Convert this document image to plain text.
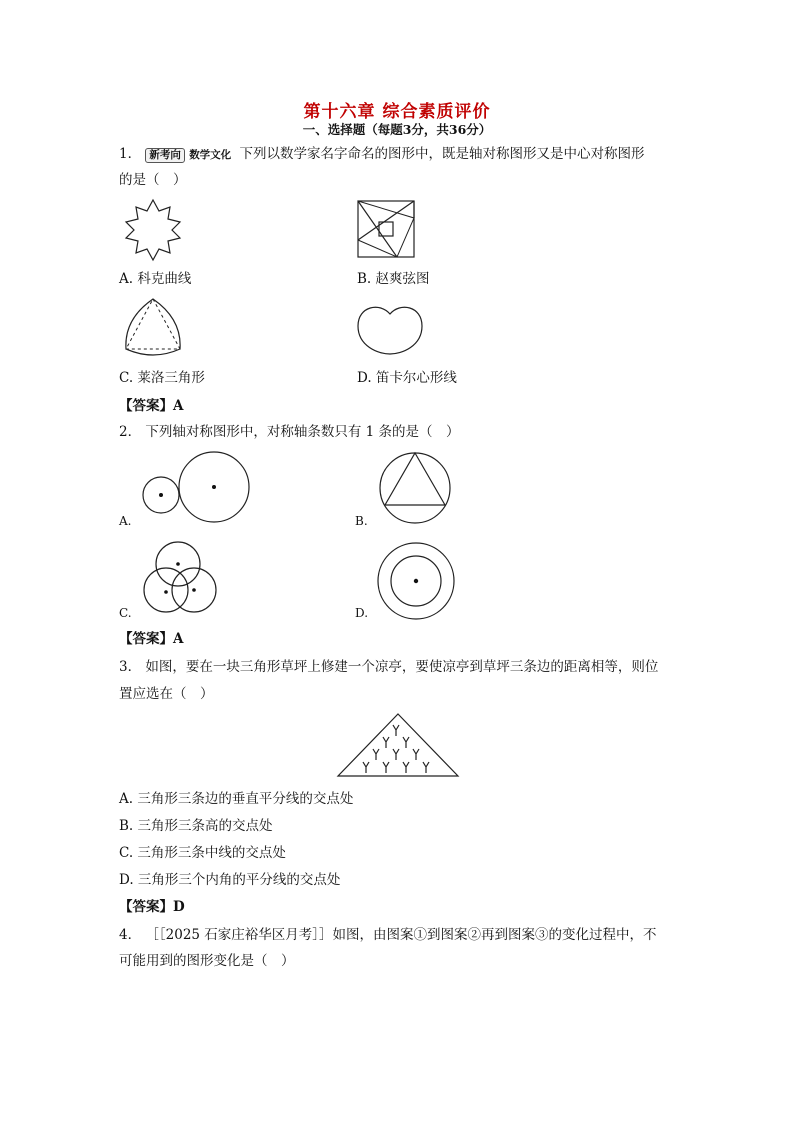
第十六章 综合素质评价
一、选择题（每题3分，共36分）
1． 新考向 数学文化 下列以数学家名字命名的图形中，既是轴对称图形又是中心对称图形
的是（　）
A. 科克曲线	B. 赵爽弦图
C. 莱洛三角形	D. 笛卡尔心形线
【答案】A
2． 下列轴对称图形中，对称轴条数只有 1 条的是（　）
A.	B.
C.	D.
【答案】A
3． 如图，要在一块三角形草坪上修建一个凉亭，要使凉亭到草坪三条边的距离相等，则位
置应选在（　）
A. 三角形三条边的垂直平分线的交点处
B. 三角形三条高的交点处
C. 三角形三条中线的交点处
D. 三角形三个内角的平分线的交点处
【答案】D
4． ［［2025 石家庄裕华区月考］］如图，由图案①到图案②再到图案③的变化过程中，不
可能用到的图形变化是（　）
